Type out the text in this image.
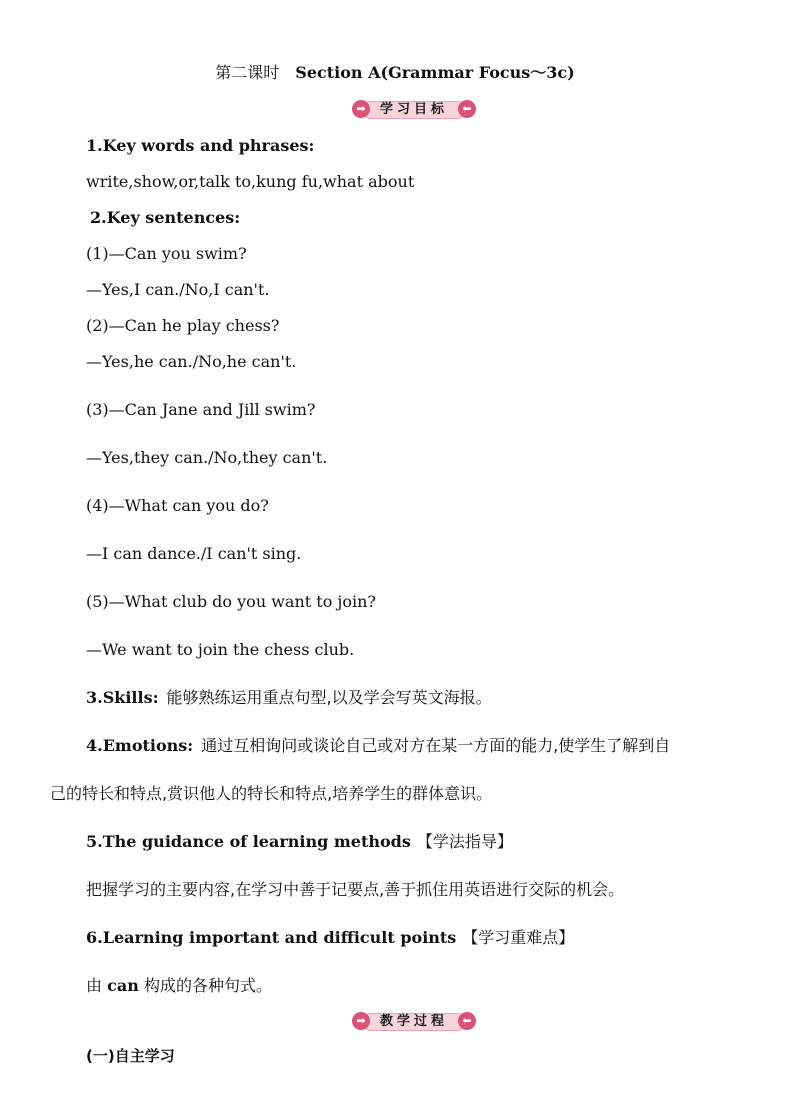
第二课时 Section A(Grammar Focus～3c)
学习目标
➡	⬅
1.Key words and phrases:
write,show,or,talk to,kung fu,what about
2.Key sentences:
(1)—Can you swim?
—Yes,I can./No,I can't.
(2)—Can he play chess?
—Yes,he can./No,he can't.
(3)—Can Jane and Jill swim?
—Yes,they can./No,they can't.
(4)—What can you do?
—I can dance./I can't sing.
(5)—What club do you want to join?
—We want to join the chess club.
3.Skills: 能够熟练运用重点句型,以及学会写英文海报。
4.Emotions: 通过互相询问或谈论自己或对方在某一方面的能力,使学生了解到自
己的特长和特点,赏识他人的特长和特点,培养学生的群体意识。
5.The guidance of learning methods 【学法指导】
把握学习的主要内容,在学习中善于记要点,善于抓住用英语进行交际的机会。
6.Learning important and difficult points 【学习重难点】
由 can 构成的各种句式。
教学过程
➡	⬅
(一)自主学习
